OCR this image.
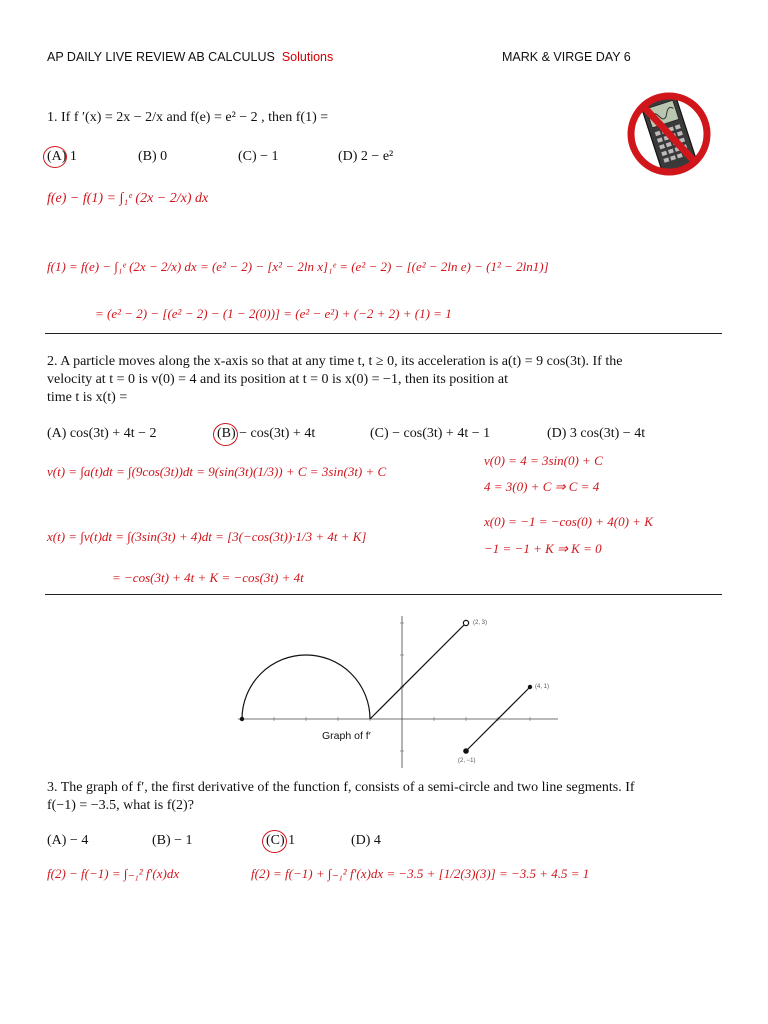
AP DAILY LIVE REVIEW AB CALCULUS Solutions	MARK & VIRGE DAY 6
1. If f ′(x) = 2x − 2/x and f(e) = e² − 2 , then f(1) =
(A) 1	(B) 0	(C) − 1	(D) 2 − e²
f(e) − f(1) = ∫₁ᵉ (2x − 2/x) dx
f(1) = f(e) − ∫₁ᵉ (2x − 2/x) dx = (e² − 2) − [x² − 2ln x]₁ᵉ = (e² − 2) − [(e² − 2ln e) − (1² − 2ln1)]
= (e² − 2) − [(e² − 2) − (1 − 2(0))] = (e² − e²) + (−2 + 2) + (1) = 1
2. A particle moves along the x-axis so that at any time t, t ≥ 0, its acceleration is a(t) = 9 cos(3t). If the
velocity at t = 0 is v(0) = 4 and its position at t = 0 is x(0) = −1, then its position at
time t is x(t) =
(A) cos(3t) + 4t − 2	(B) − cos(3t) + 4t	(C) − cos(3t) + 4t − 1	(D) 3 cos(3t) − 4t
v(t) = ∫a(t)dt = ∫(9cos(3t))dt = 9(sin(3t)(1/3)) + C = 3sin(3t) + C
v(0) = 4 = 3sin(0) + C
4 = 3(0) + C ⇒ C = 4
x(t) = ∫v(t)dt = ∫(3sin(3t) + 4)dt = [3(−cos(3t))·1/3 + 4t + K]
x(0) = −1 = −cos(0) + 4(0) + K
−1 = −1 + K ⇒ K = 0
= −cos(3t) + 4t + K = −cos(3t) + 4t
(2, 3)
(4, 1)
(2, −1)
Graph of f′
3. The graph of f′, the first derivative of the function f, consists of a semi-circle and two line segments. If
f(−1) = −3.5, what is f(2)?
(A) − 4	(B) − 1	(C) 1	(D) 4
f(2) − f(−1) = ∫₋₁² f′(x)dx	f(2) = f(−1) + ∫₋₁² f′(x)dx = −3.5 + [1/2(3)(3)] = −3.5 + 4.5 = 1
